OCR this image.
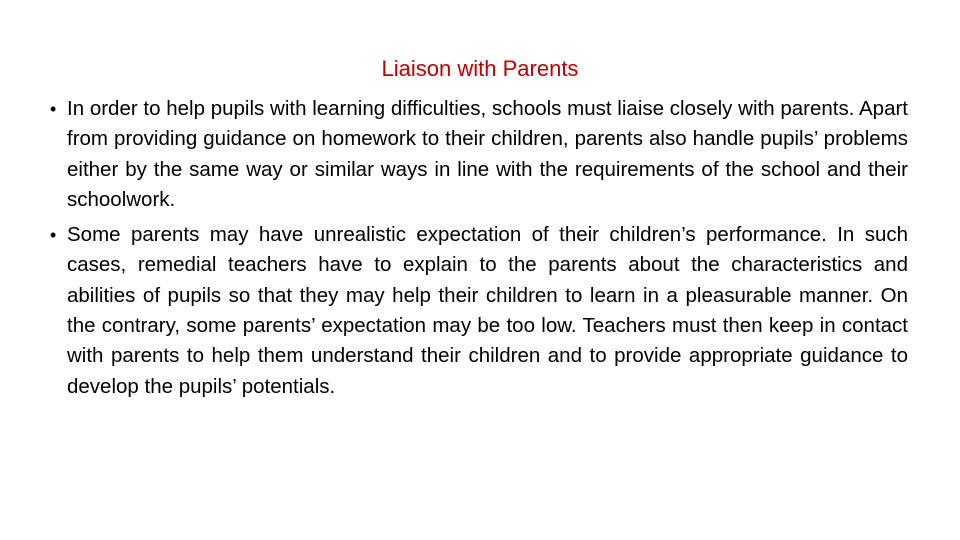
Liaison with Parents
• In order to help pupils with learning difficulties, schools must liaise closely with parents. Apart from providing guidance on homework to their children, parents also handle pupils’ problems either by the same way or similar ways in line with the requirements of the school and their schoolwork.
• Some parents may have unrealistic expectation of their children’s performance. In such cases, remedial teachers have to explain to the parents about the characteristics and abilities of pupils so that they may help their children to learn in a pleasurable manner. On the contrary, some parents’ expectation may be too low. Teachers must then keep in contact with parents to help them understand their children and to provide appropriate guidance to develop the pupils’ potentials.
